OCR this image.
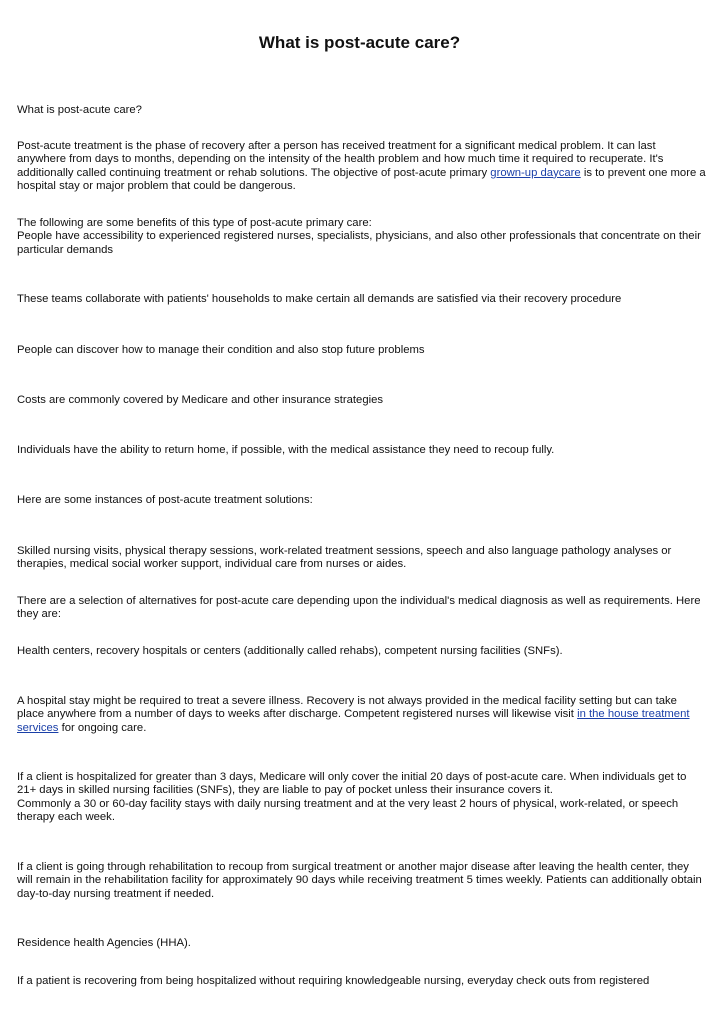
What is post-acute care?

What is post-acute care?

Post-acute treatment is the phase of recovery after a person has received treatment for a significant medical problem. It can last anywhere from days to months, depending on the intensity of the health problem and how much time it required to recuperate. It's additionally called continuing treatment or rehab solutions. The objective of post-acute primary grown-up daycare is to prevent one more a hospital stay or major problem that could be dangerous.

The following are some benefits of this type of post-acute primary care:
People have accessibility to experienced registered nurses, specialists, physicians, and also other professionals that concentrate on their particular demands

These teams collaborate with patients' households to make certain all demands are satisfied via their recovery procedure

People can discover how to manage their condition and also stop future problems

Costs are commonly covered by Medicare and other insurance strategies

Individuals have the ability to return home, if possible, with the medical assistance they need to recoup fully.

Here are some instances of post-acute treatment solutions:

Skilled nursing visits, physical therapy sessions, work-related treatment sessions, speech and also language pathology analyses or therapies, medical social worker support, individual care from nurses or aides.

There are a selection of alternatives for post-acute care depending upon the individual's medical diagnosis as well as requirements. Here they are:

Health centers, recovery hospitals or centers (additionally called rehabs), competent nursing facilities (SNFs).

A hospital stay might be required to treat a severe illness. Recovery is not always provided in the medical facility setting but can take place anywhere from a number of days to weeks after discharge. Competent registered nurses will likewise visit in the house treatment services for ongoing care.

If a client is hospitalized for greater than 3 days, Medicare will only cover the initial 20 days of post-acute care. When individuals get to 21+ days in skilled nursing facilities (SNFs), they are liable to pay of pocket unless their insurance covers it.
Commonly a 30 or 60-day facility stays with daily nursing treatment and at the very least 2 hours of physical, work-related, or speech therapy each week.

If a client is going through rehabilitation to recoup from surgical treatment or another major disease after leaving the health center, they will remain in the rehabilitation facility for approximately 90 days while receiving treatment 5 times weekly. Patients can additionally obtain day-to-day nursing treatment if needed.

Residence health Agencies (HHA).

If a patient is recovering from being hospitalized without requiring knowledgeable nursing, everyday check outs from registered
